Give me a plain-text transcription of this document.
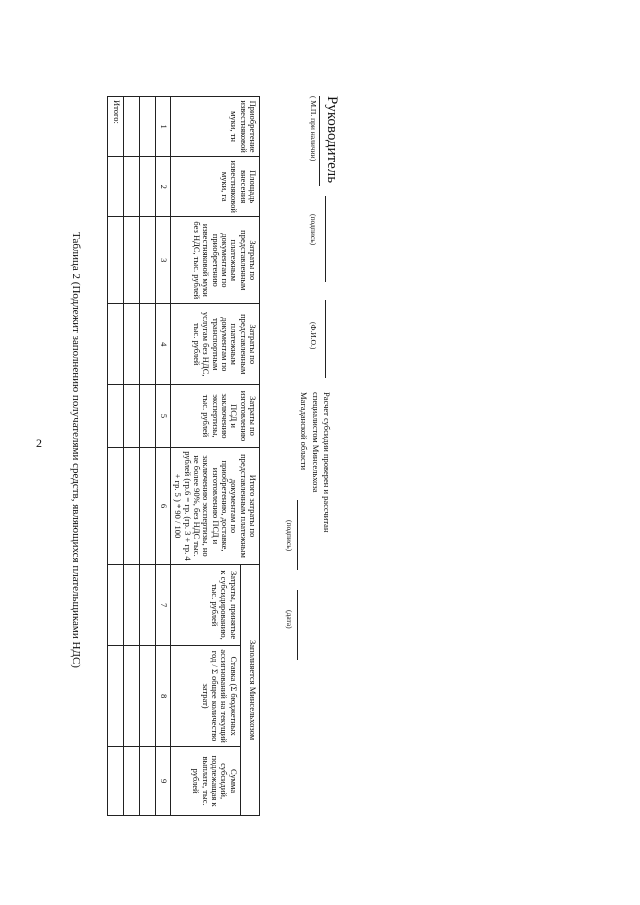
2	Таблица 2 (Подлежит заполнению получателями средств, являющихся плательщиками НДС)
Приобретение известняковой муки, тн	Площадь внесения известняковой муки, га	Затраты по представленным платежным документам по приобретению известняковой муки без НДС, тыс. рублей	Затраты по представленным платежным документам по транспортным услугам без НДС, тыс. рублей	Затраты по изготовлению ПСД и заключению экспертизы, тыс. рублей	Итого затраты по представленным платежным документам по приобретению, доставке, изготовлению ПСД и заключению экспертизы, но не более 90%, без НДС тыс. рублей (гр.6 = гр. (гр. 3 + гр. 4 + гр. 5 ) * 90 / 100	Заполняется Минсельхозом		
						Затраты, принятые к субсидированию, тыс. рублей	Ставка (Σ бюджетных ассигнований на текущий год / Σ общее количество затрат)	Сумма субсидий, подлежащая к выплате, тыс. рублей
1	2	3	4	5	6	7	8	9

Итого:									Руководитель
( М.П. при наличии)
(подпись)
(Ф.И.О.)
Расчет субсидии проверен и рассчитан
специалистом Минсельхоза
Магаданской области
(подпись)
(дата)
